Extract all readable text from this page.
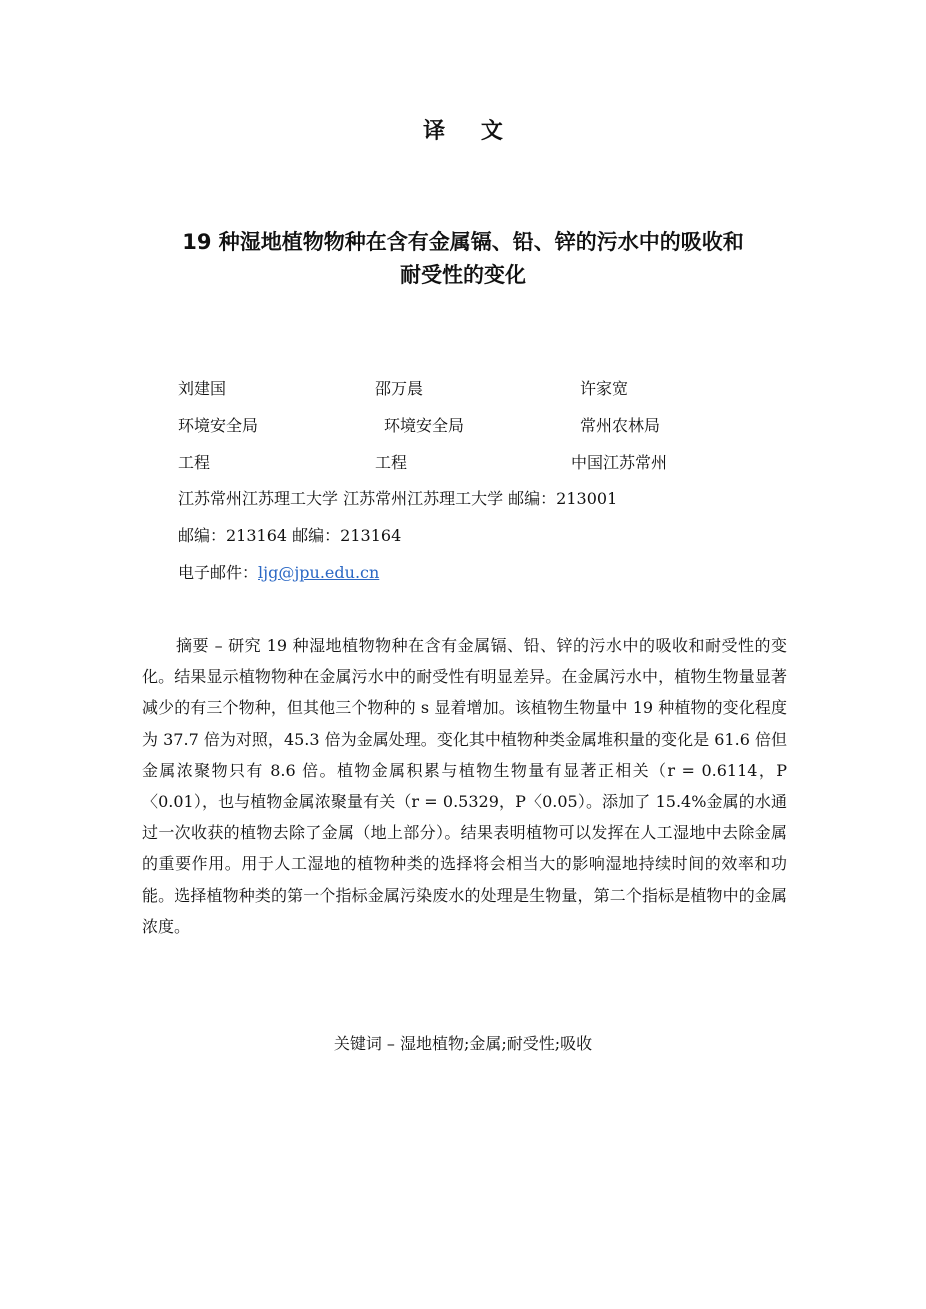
译 文
19 种湿地植物物种在含有金属镉、铅、锌的污水中的吸收和
耐受性的变化
刘建国	邵万晨	许家宽
环境安全局	环境安全局	常州农林局
工程	工程	中国江苏常州
江苏常州江苏理工大学 江苏常州江苏理工大学 邮编：213001
邮编：213164 邮编：213164
电子邮件：ljg@jpu.edu.cn
摘要 – 研究 19 种湿地植物物种在含有金属镉、铅、锌的污水中的吸收和耐受性的变化。结果显示植物物种在金属污水中的耐受性有明显差异。在金属污水中，植物生物量显著减少的有三个物种，但其他三个物种的 s 显着增加。该植物生物量中 19 种植物的变化程度为 37.7 倍为对照，45.3 倍为金属处理。变化其中植物种类金属堆积量的变化是 61.6 倍但金属浓聚物只有 8.6 倍。植物金属积累与植物生物量有显著正相关（r = 0.6114，P〈0.01），也与植物金属浓聚量有关（r = 0.5329，P〈0.05）。添加了 15.4%金属的水通过一次收获的植物去除了金属（地上部分）。结果表明植物可以发挥在人工湿地中去除金属的重要作用。用于人工湿地的植物种类的选择将会相当大的影响湿地持续时间的效率和功能。选择植物种类的第一个指标金属污染废水的处理是生物量，第二个指标是植物中的金属浓度。
关键词 – 湿地植物;金属;耐受性;吸收
